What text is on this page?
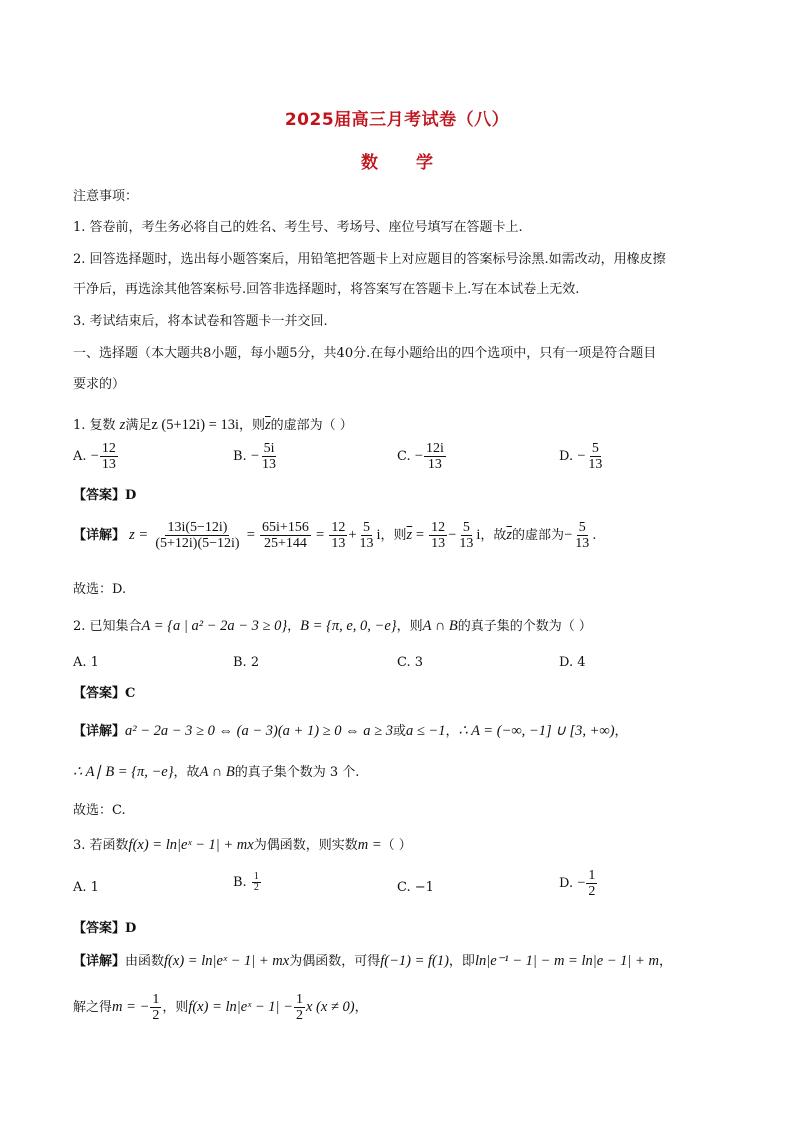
2025届高三月考试卷（八）
数 学
注意事项：
1. 答卷前，考生务必将自己的姓名、考生号、考场号、座位号填写在答题卡上.
2. 回答选择题时，选出每小题答案后，用铅笔把答题卡上对应题目的答案标号涂黑.如需改动，用橡皮擦
干净后，再选涂其他答案标号.回答非选择题时，将答案写在答题卡上.写在本试卷上无效.
3. 考试结束后，将本试卷和答题卡一并交回.
一、选择题（本大题共8小题，每小题5分，共40分.在每小题给出的四个选项中，只有一项是符合题目
要求的）
1. 复数 z满足z (5+12i) = 13i，则$\overline{z}$的虚部为（ ）
A. − $\frac{12}{13}$	B. − $\frac{5i}{13}$	C. − $\frac{12i}{13}$	D. − $\frac{5}{13}$
【答案】D
【详解】 $z = \frac{13i(5-12i)}{(5+12i)(5-12i)} = \frac{65i+156}{25+144} = \frac{12}{13} + \frac{5}{13}$ i，则$\overline{z} = \frac{12}{13} - \frac{5}{13}$ i，故$\overline{z}$的虚部为− $\frac{5}{13}$ .
故选：D.
2. 已知集合A = {a | a² − 2a − 3 ≥ 0}，B = {π, e, 0, −e}，则A ∩ B的真子集的个数为（ ）
A. 1	B. 2	C. 3	D. 4
【答案】C
【详解】a² − 2a − 3 ≥ 0 ⇔ (a − 3)(a + 1) ≥ 0 ⇔ a ≥ 3或a ≤ −1，∴ A = (−∞, −1] ∪ [3, +∞)，
∴ A∣ B = {π, −e}，故A ∩ B的真子集个数为 3 个.
故选：C.
3. 若函数f(x) = ln|eˣ − 1| + mx为偶函数，则实数m =（ ）
A. 1	B. $\frac{1}{2}$	C. −1	D. − $\frac{1}{2}$
【答案】D
【详解】由函数f(x) = ln|eˣ − 1| + mx为偶函数，可得f(−1) = f(1)，即ln|e⁻¹ − 1| − m = ln|e − 1| + m，
解之得m = − $\frac{1}{2}$ ，则f(x) = ln|eˣ − $1| - \frac{1}{2}$ x (x ≠ 0)，
